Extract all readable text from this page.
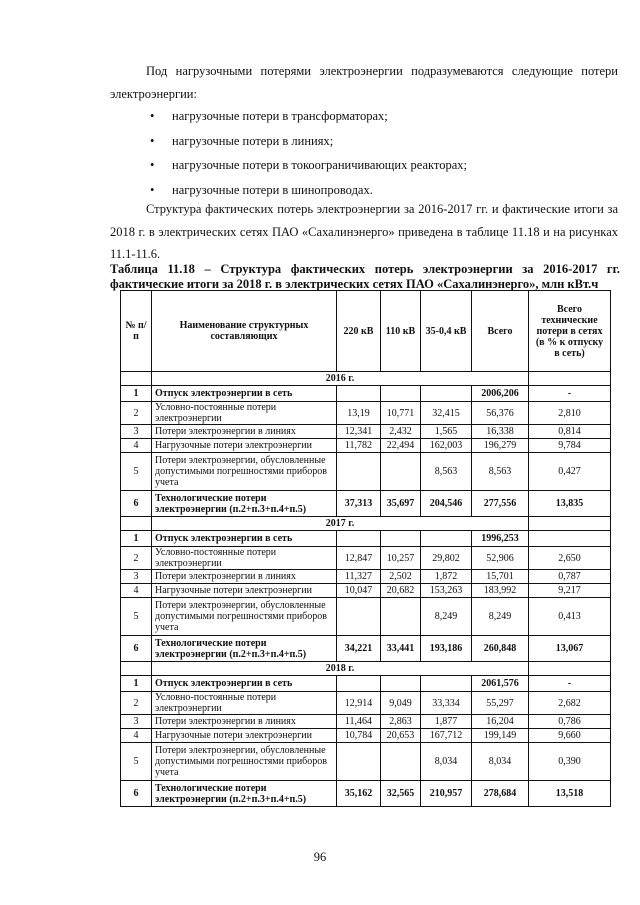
Под нагрузочными потерями электроэнергии подразумеваются следующие потери электроэнергии:

• нагрузочные потери в трансформаторах;
• нагрузочные потери в линиях;
• нагрузочные потери в токоограничивающих реакторах;
• нагрузочные потери в шинопроводах.

Структура фактических потерь электроэнергии за 2016-2017 гг. и фактические итоги за 2018 г. в электрических сетях ПАО «Сахалинэнерго» приведена в таблице 11.18 и на рисунках 11.1-11.6.

Таблица 11.18 – Структура фактических потерь электроэнергии за 2016-2017 гг. фактические итоги за 2018 г. в электрических сетях ПАО «Сахалинэнерго», млн кВт.ч
№ п/п	Наименование структурных составляющих	220 кВ	110 кВ	35-0,4 кВ	Всего	Всего технические потери в сетях (в % к отпуску в сеть)
	2016 г.					
1	Отпуск электроэнергии в сеть				2006,206	-
2	Условно-постоянные потери электроэнергии	13,19	10,771	32,415	56,376	2,810
3	Потери электроэнергии в линиях	12,341	2,432	1,565	16,338	0,814
4	Нагрузочные потери электроэнергии	11,782	22,494	162,003	196,279	9,784
5	Потери электроэнергии, обусловленные допустимыми погрешностями приборов учета			8,563	8,563	0,427
6	Технологические потери электроэнергии (п.2+п.3+п.4+п.5)	37,313	35,697	204,546	277,556	13,835
	2017 г.					
1	Отпуск электроэнергии в сеть				1996,253	
2	Условно-постоянные потери электроэнергии	12,847	10,257	29,802	52,906	2,650
3	Потери электроэнергии в линиях	11,327	2,502	1,872	15,701	0,787
4	Нагрузочные потери электроэнергии	10,047	20,682	153,263	183,992	9,217
5	Потери электроэнергии, обусловленные допустимыми погрешностями приборов учета			8,249	8,249	0,413
6	Технологические потери электроэнергии (п.2+п.3+п.4+п.5)	34,221	33,441	193,186	260,848	13,067
	2018 г.					
1	Отпуск электроэнергии в сеть				2061,576	-
2	Условно-постоянные потери электроэнергии	12,914	9,049	33,334	55,297	2,682
3	Потери электроэнергии в линиях	11,464	2,863	1,877	16,204	0,786
4	Нагрузочные потери электроэнергии	10,784	20,653	167,712	199,149	9,660
5	Потери электроэнергии, обусловленные допустимыми погрешностями приборов учета			8,034	8,034	0,390
6	Технологические потери электроэнергии (п.2+п.3+п.4+п.5)	35,162	32,565	210,957	278,684	13,518
96
